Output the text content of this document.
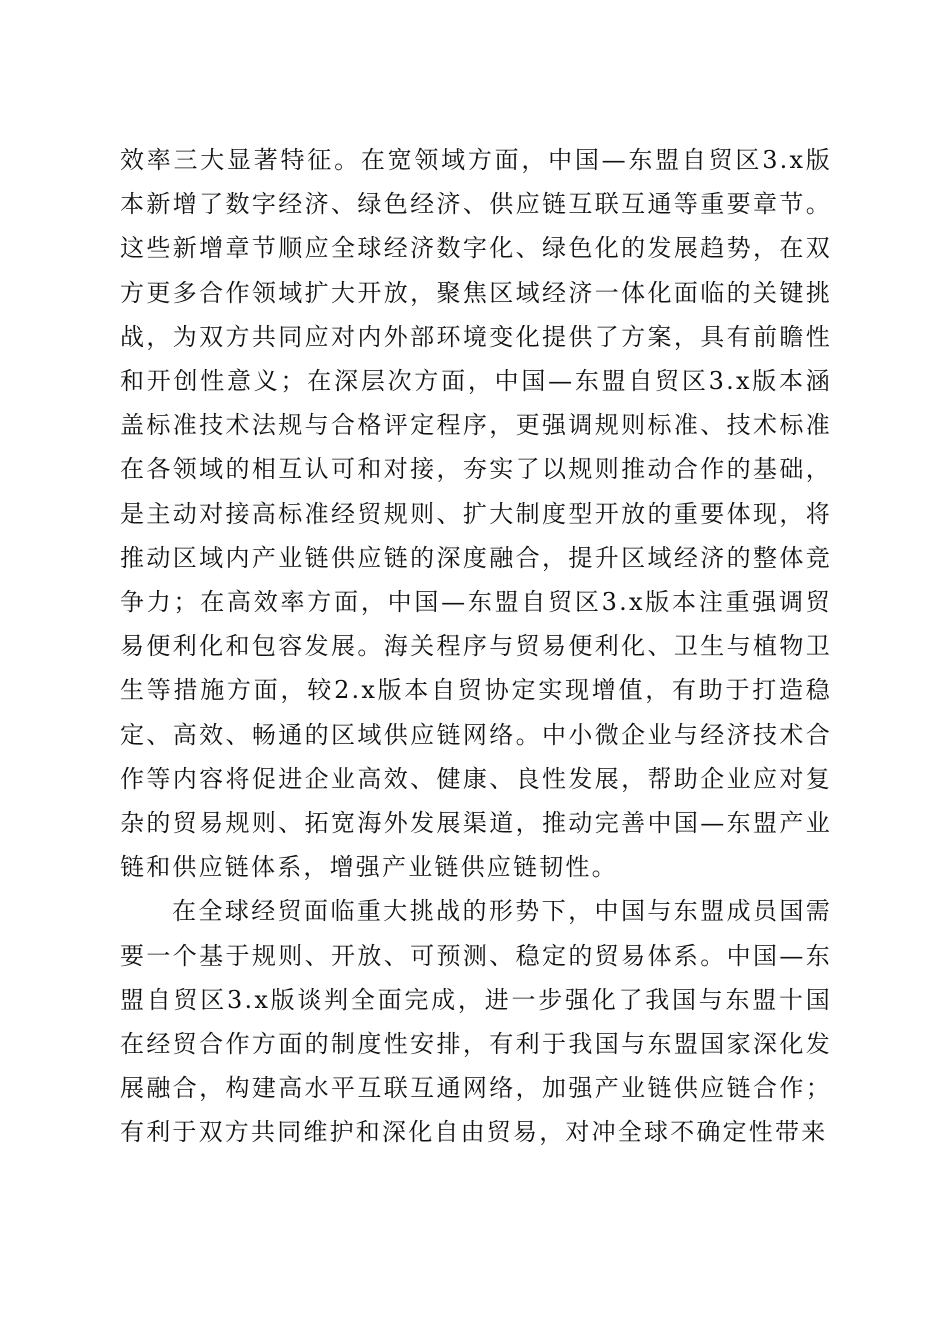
效率三大显著特征。在宽领域方面，中国—东盟自贸区3.x版本新增了数字经济、绿色经济、供应链互联互通等重要章节。这些新增章节顺应全球经济数字化、绿色化的发展趋势，在双方更多合作领域扩大开放，聚焦区域经济一体化面临的关键挑战，为双方共同应对内外部环境变化提供了方案，具有前瞻性和开创性意义；在深层次方面，中国—东盟自贸区3.x版本涵盖标准技术法规与合格评定程序，更强调规则标准、技术标准在各领域的相互认可和对接，夯实了以规则推动合作的基础，是主动对接高标准经贸规则、扩大制度型开放的重要体现，将推动区域内产业链供应链的深度融合，提升区域经济的整体竞争力；在高效率方面，中国—东盟自贸区3.x版本注重强调贸易便利化和包容发展。海关程序与贸易便利化、卫生与植物卫生等措施方面，较2.x版本自贸协定实现增值，有助于打造稳定、高效、畅通的区域供应链网络。中小微企业与经济技术合作等内容将促进企业高效、健康、良性发展，帮助企业应对复杂的贸易规则、拓宽海外发展渠道，推动完善中国—东盟产业链和供应链体系，增强产业链供应链韧性。

在全球经贸面临重大挑战的形势下，中国与东盟成员国需要一个基于规则、开放、可预测、稳定的贸易体系。中国—东盟自贸区3.x版谈判全面完成，进一步强化了我国与东盟十国在经贸合作方面的制度性安排，有利于我国与东盟国家深化发展融合，构建高水平互联互通网络，加强产业链供应链合作；有利于双方共同维护和深化自由贸易，对冲全球不确定性带来
